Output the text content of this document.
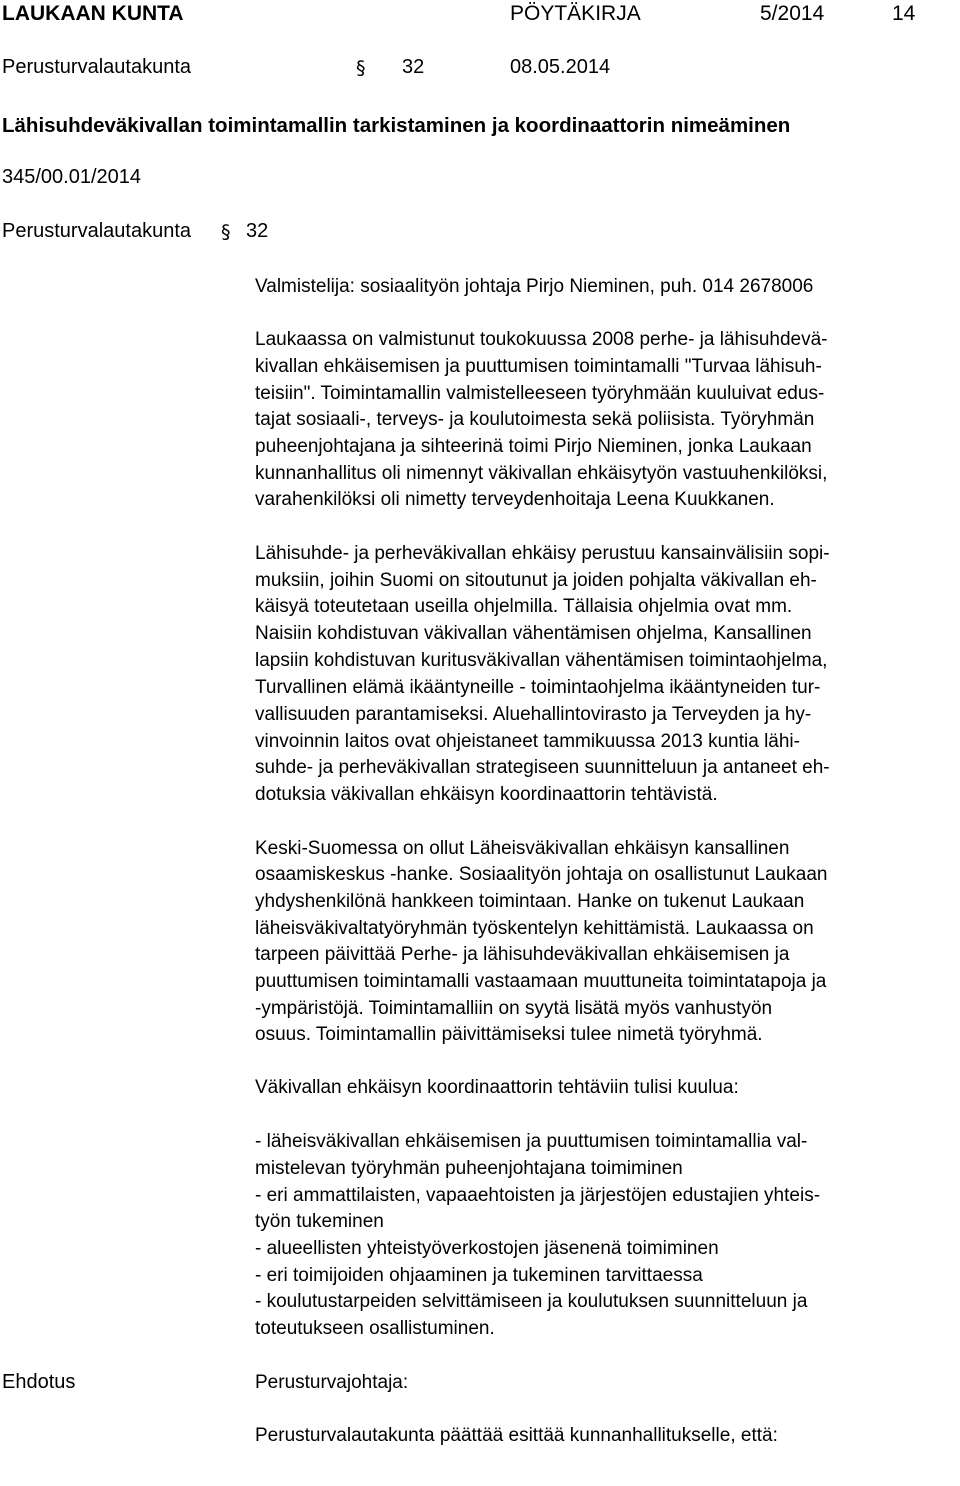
LAUKAAN KUNTA	PÖYTÄKIRJA	5/2014	14
Perusturvalautakunta	§ 32	08.05.2014
Lähisuhdeväkivallan toimintamallin tarkistaminen ja koordinaattorin nimeäminen
345/00.01/2014
Perusturvalautakunta § 32
Valmistelija: sosiaalityön johtaja Pirjo Nieminen, puh. 014 2678006
Laukaassa on valmistunut toukokuussa 2008 perhe- ja lähisuhdevä-
kivallan ehkäisemisen ja puuttumisen toimintamalli "Turvaa lähisuh-
teisiin". Toimintamallin valmistelleeseen työryhmään kuuluivat edus-
tajat sosiaali-, terveys- ja koulutoimesta sekä poliisista. Työryhmän
puheenjohtajana ja sihteerinä toimi Pirjo Nieminen, jonka Laukaan
kunnanhallitus oli nimennyt väkivallan ehkäisytyön vastuuhenkilöksi,
varahenkilöksi oli nimetty terveydenhoitaja Leena Kuukkanen.
Lähisuhde- ja perheväkivallan ehkäisy perustuu kansainvälisiin sopi-
muksiin, joihin Suomi on sitoutunut ja joiden pohjalta väkivallan eh-
käisyä toteutetaan useilla ohjelmilla. Tällaisia ohjelmia ovat mm.
Naisiin kohdistuvan väkivallan vähentämisen ohjelma, Kansallinen
lapsiin kohdistuvan kuritusväkivallan vähentämisen toimintaohjelma,
Turvallinen elämä ikääntyneille - toimintaohjelma ikääntyneiden tur-
vallisuuden parantamiseksi. Aluehallintovirasto ja Terveyden ja hy-
vinvoinnin laitos ovat ohjeistaneet tammikuussa 2013 kuntia lähi-
suhde- ja perheväkivallan strategiseen suunnitteluun ja antaneet eh-
dotuksia väkivallan ehkäisyn koordinaattorin tehtävistä.
Keski-Suomessa on ollut Läheisväkivallan ehkäisyn kansallinen
osaamiskeskus -hanke. Sosiaalityön johtaja on osallistunut Laukaan
yhdyshenkilönä hankkeen toimintaan. Hanke on tukenut Laukaan
läheisväkivaltatyöryhmän työskentelyn kehittämistä. Laukaassa on
tarpeen päivittää Perhe- ja lähisuhdeväkivallan ehkäisemisen ja
puuttumisen toimintamalli vastaamaan muuttuneita toimintatapoja ja
-ympäristöjä. Toimintamalliin on syytä lisätä myös vanhustyön
osuus. Toimintamallin päivittämiseksi tulee nimetä työryhmä.
Väkivallan ehkäisyn koordinaattorin tehtäviin tulisi kuulua:
- läheisväkivallan ehkäisemisen ja puuttumisen toimintamallia val-
mistelevan työryhmän puheenjohtajana toimiminen
- eri ammattilaisten, vapaaehtoisten ja järjestöjen edustajien yhteis-
työn tukeminen
- alueellisten yhteistyöverkostojen jäsenenä toimiminen
- eri toimijoiden ohjaaminen ja tukeminen tarvittaessa
- koulutustarpeiden selvittämiseen ja koulutuksen suunnitteluun ja
toteutukseen osallistuminen.
Ehdotus	Perusturvajohtaja:
Perusturvalautakunta päättää esittää kunnanhallitukselle, että:
